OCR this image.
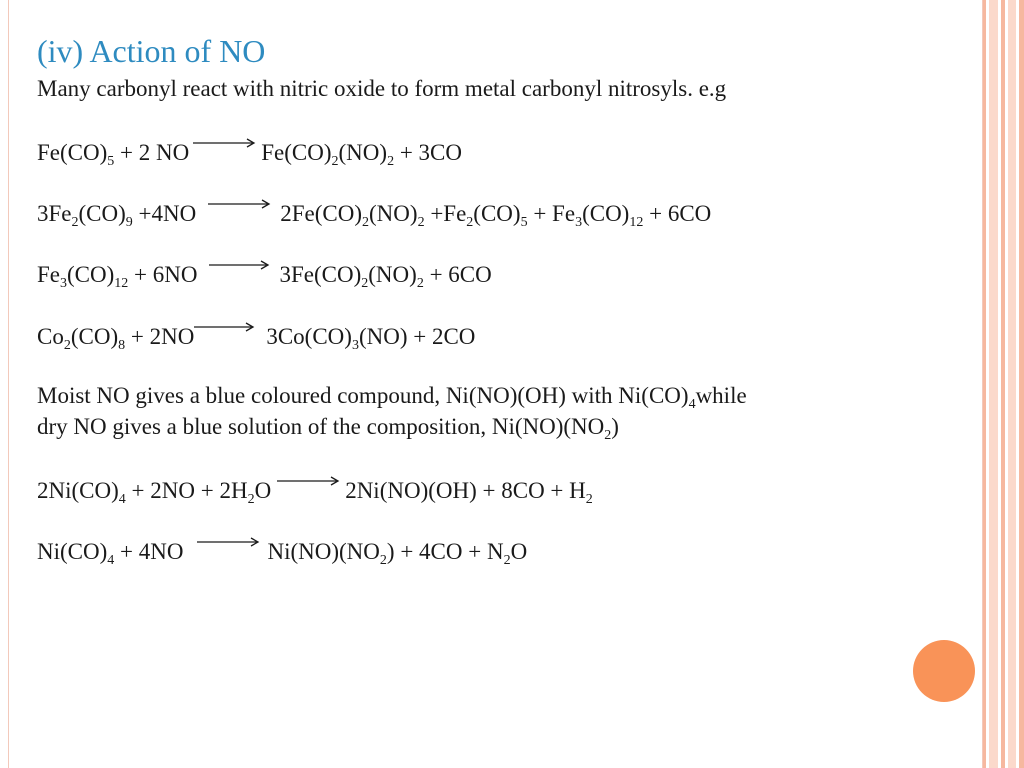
(iv) Action of NO
Many carbonyl react with nitric oxide to form metal carbonyl nitrosyls. e.g
$Fe(CO)_5 + 2$ NO → $Fe(CO)_2(NO)_2 + 3CO$
$3Fe_2(CO)_9 +4NO \to 2Fe(CO)_2(NO)_2 +Fe_2(CO)_5 + Fe_3(CO)_{12} + 6CO$
$Fe_3(CO)_{12} + 6NO \to 3Fe(CO)_2(NO)_2 + 6CO$
$Co_2(CO)_8 + 2NO\to 3Co(CO)_3(NO) + 2CO$
Moist NO gives a blue coloured compound, Ni(NO)(OH) with $Ni(CO)_4while$
dry NO gives a blue solution of the composition, $Ni(NO)(NO_2)$
$2Ni(CO)_4 + 2NO + 2H_2O \to 2Ni(NO)(OH) + 8CO + H_2$
$Ni(CO)_4 + 4NO \to Ni(NO)(NO_2) + 4CO + N_2O$
